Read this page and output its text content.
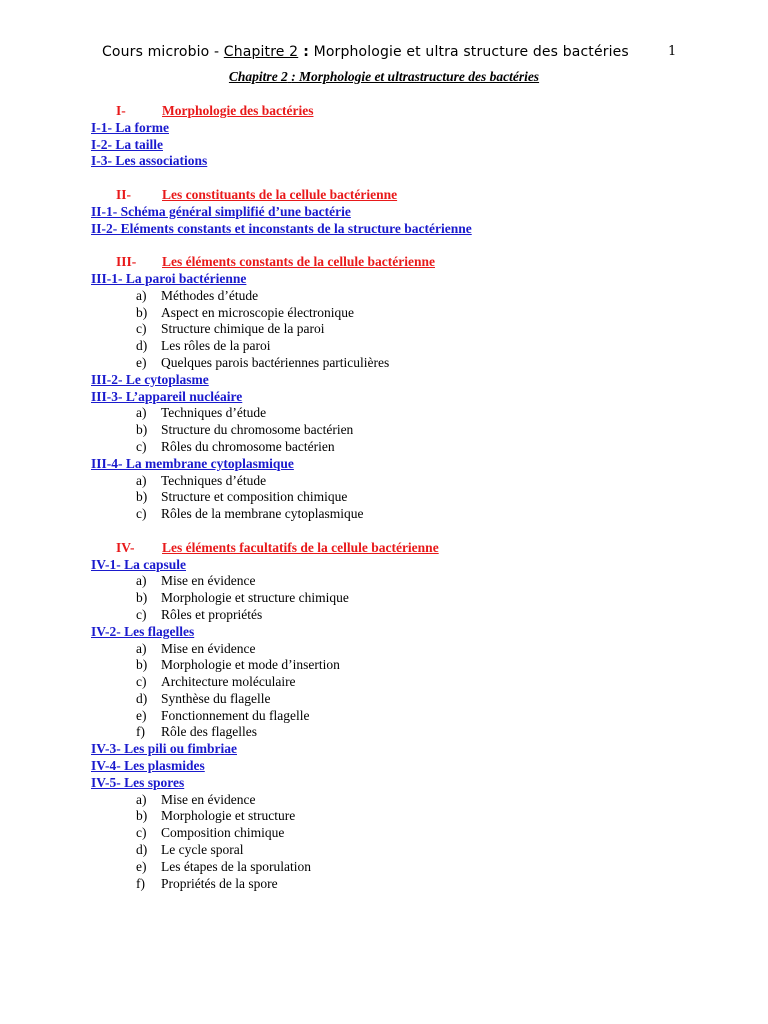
Cours microbio - Chapitre 2 : Morphologie et ultra structure des bactéries	1
Chapitre 2 : Morphologie et ultrastructure des bactéries
I-	Morphologie des bactéries
I-1- La forme
I-2- La taille
I-3- Les associations
II- Les constituants de la cellule bactérienne
II-1- Schéma général simplifié d’une bactérie
II-2- Eléments constants et inconstants de la structure bactérienne
III- Les éléments constants de la cellule bactérienne
III-1- La paroi bactérienne
a) Méthodes d’étude
b) Aspect en microscopie électronique
c) Structure chimique de la paroi
d) Les rôles de la paroi
e) Quelques parois bactériennes particulières
III-2- Le cytoplasme
III-3- L’appareil nucléaire
a) Techniques d’étude
b) Structure du chromosome bactérien
c) Rôles du chromosome bactérien
III-4- La membrane cytoplasmique
a) Techniques d’étude
b) Structure et composition chimique
c) Rôles de la membrane cytoplasmique
IV- Les éléments facultatifs de la cellule bactérienne
IV-1- La capsule
a) Mise en évidence
b) Morphologie et structure chimique
c) Rôles et propriétés
IV-2- Les flagelles
a) Mise en évidence
b) Morphologie et mode d’insertion
c) Architecture moléculaire
d) Synthèse du flagelle
e) Fonctionnement du flagelle
f) Rôle des flagelles
IV-3- Les pili ou fimbriae
IV-4- Les plasmides
IV-5- Les spores
a) Mise en évidence
b) Morphologie et structure
c) Composition chimique
d) Le cycle sporal
e) Les étapes de la sporulation
f) Propriétés de la spore
